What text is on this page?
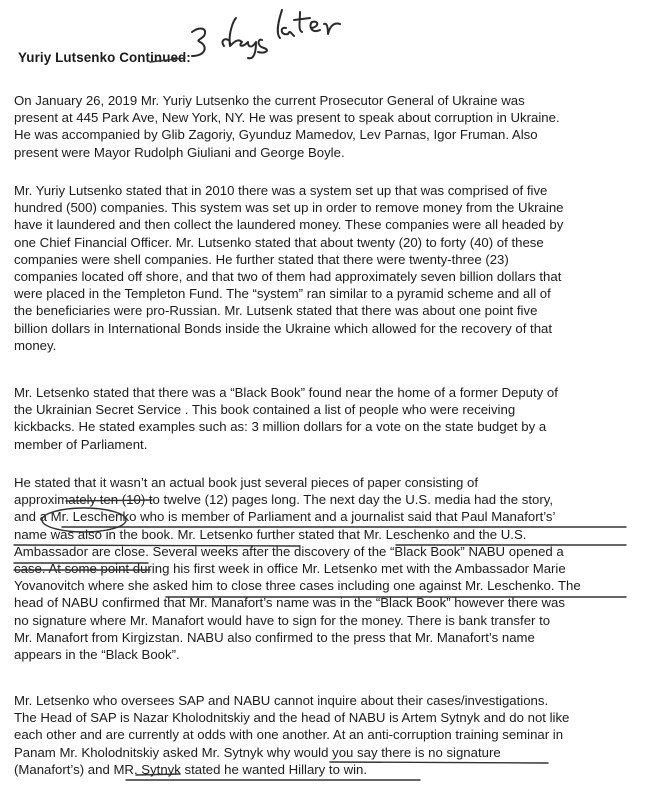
Yuriy Lutsenko Continued:
On January 26, 2019 Mr. Yuriy Lutsenko the current Prosecutor General of Ukraine was
present at 445 Park Ave, New York, NY. He was present to speak about corruption in Ukraine.
He was accompanied by Glib Zagoriy, Gyunduz Mamedov, Lev Parnas, Igor Fruman. Also
present were Mayor Rudolph Giuliani and George Boyle.
Mr. Yuriy Lutsenko stated that in 2010 there was a system set up that was comprised of five
hundred (500) companies. This system was set up in order to remove money from the Ukraine
have it laundered and then collect the laundered money. These companies were all headed by
one Chief Financial Officer. Mr. Lutsenko stated that about twenty (20) to forty (40) of these
companies were shell companies. He further stated that there were twenty-three (23)
companies located off shore, and that two of them had approximately seven billion dollars that
were placed in the Templeton Fund. The “system” ran similar to a pyramid scheme and all of
the beneficiaries were pro-Russian. Mr. Lutsenk stated that there was about one point five
billion dollars in International Bonds inside the Ukraine which allowed for the recovery of that
money.
Mr. Letsenko stated that there was a “Black Book” found near the home of a former Deputy of
the Ukrainian Secret Service . This book contained a list of people who were receiving
kickbacks. He stated examples such as: 3 million dollars for a vote on the state budget by a
member of Parliament.
He stated that it wasn’t an actual book just several pieces of paper consisting of
approximately ten (10) to twelve (12) pages long. The next day the U.S. media had the story,
and a Mr. Leschenko who is member of Parliament and a journalist said that Paul Manafort’s’
name was also in the book. Mr. Letsenko further stated that Mr. Leschenko and the U.S.
Ambassador are close. Several weeks after the discovery of the “Black Book” NABU opened a
case. At some point during his first week in office Mr. Letsenko met with the Ambassador Marie
Yovanovitch where she asked him to close three cases including one against Mr. Leschenko. The
head of NABU confirmed that Mr. Manafort’s name was in the “Black Book” however there was
no signature where Mr. Manafort would have to sign for the money. There is bank transfer to
Mr. Manafort from Kirgizstan. NABU also confirmed to the press that Mr. Manafort’s name
appears in the “Black Book”.
Mr. Letsenko who oversees SAP and NABU cannot inquire about their cases/investigations.
The Head of SAP is Nazar Kholodnitskiy and the head of NABU is Artem Sytnyk and do not like
each other and are currently at odds with one another. At an anti-corruption training seminar in
Panam Mr. Kholodnitskiy asked Mr. Sytnyk why would you say there is no signature
(Manafort’s) and MR. Sytnyk stated he wanted Hillary to win.
